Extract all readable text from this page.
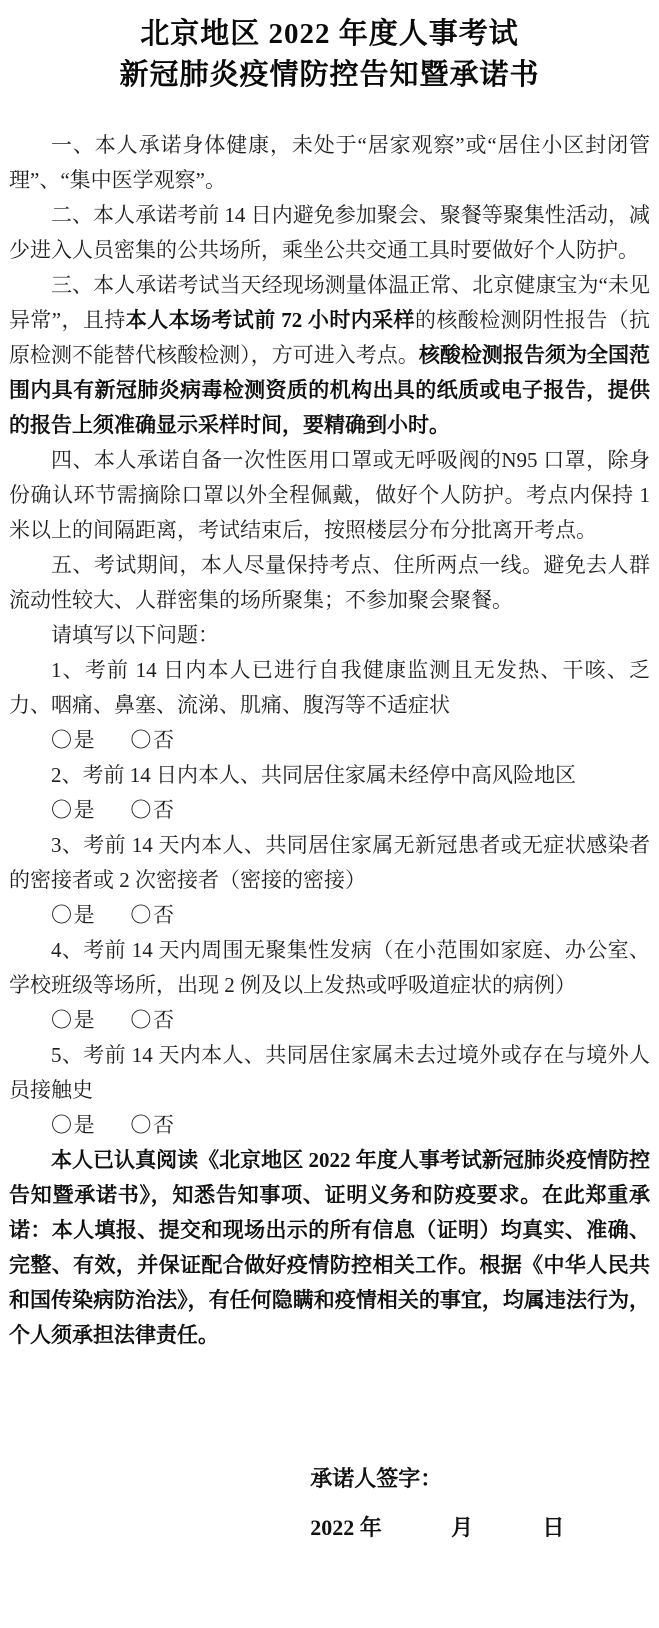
北京地区 2022 年度人事考试
新冠肺炎疫情防控告知暨承诺书

一、本人承诺身体健康，未处于“居家观察”或“居住小区封闭管理”、“集中医学观察”。

二、本人承诺考前 14 日内避免参加聚会、聚餐等聚集性活动，减少进入人员密集的公共场所，乘坐公共交通工具时要做好个人防护。

三、本人承诺考试当天经现场测量体温正常、北京健康宝为“未见异常”，且持本人本场考试前 72 小时内采样的核酸检测阴性报告（抗原检测不能替代核酸检测），方可进入考点。核酸检测报告须为全国范围内具有新冠肺炎病毒检测资质的机构出具的纸质或电子报告，提供的报告上须准确显示采样时间，要精确到小时。

四、本人承诺自备一次性医用口罩或无呼吸阀的N95 口罩，除身份确认环节需摘除口罩以外全程佩戴，做好个人防护。考点内保持 1 米以上的间隔距离，考试结束后，按照楼层分布分批离开考点。

五、考试期间，本人尽量保持考点、住所两点一线。避免去人群流动性较大、人群密集的场所聚集；不参加聚会聚餐。

请填写以下问题：

1、考前 14 日内本人已进行自我健康监测且无发热、干咳、乏力、咽痛、鼻塞、流涕、肌痛、腹泻等不适症状

〇是 〇否

2、考前 14 日内本人、共同居住家属未经停中高风险地区

〇是 〇否

3、考前 14 天内本人、共同居住家属无新冠患者或无症状感染者的密接者或 2 次密接者（密接的密接）

〇是 〇否

4、考前 14 天内周围无聚集性发病（在小范围如家庭、办公室、学校班级等场所，出现 2 例及以上发热或呼吸道症状的病例）

〇是 〇否

5、考前 14 天内本人、共同居住家属未去过境外或存在与境外人员接触史

〇是 〇否

本人已认真阅读《北京地区 2022 年度人事考试新冠肺炎疫情防控告知暨承诺书》，知悉告知事项、证明义务和防疫要求。在此郑重承诺：本人填报、提交和现场出示的所有信息（证明）均真实、准确、完整、有效，并保证配合做好疫情防控相关工作。根据《中华人民共和国传染病防治法》，有任何隐瞒和疫情相关的事宜，均属违法行为，个人须承担法律责任。

承诺人签字：
2022 年	月	日
